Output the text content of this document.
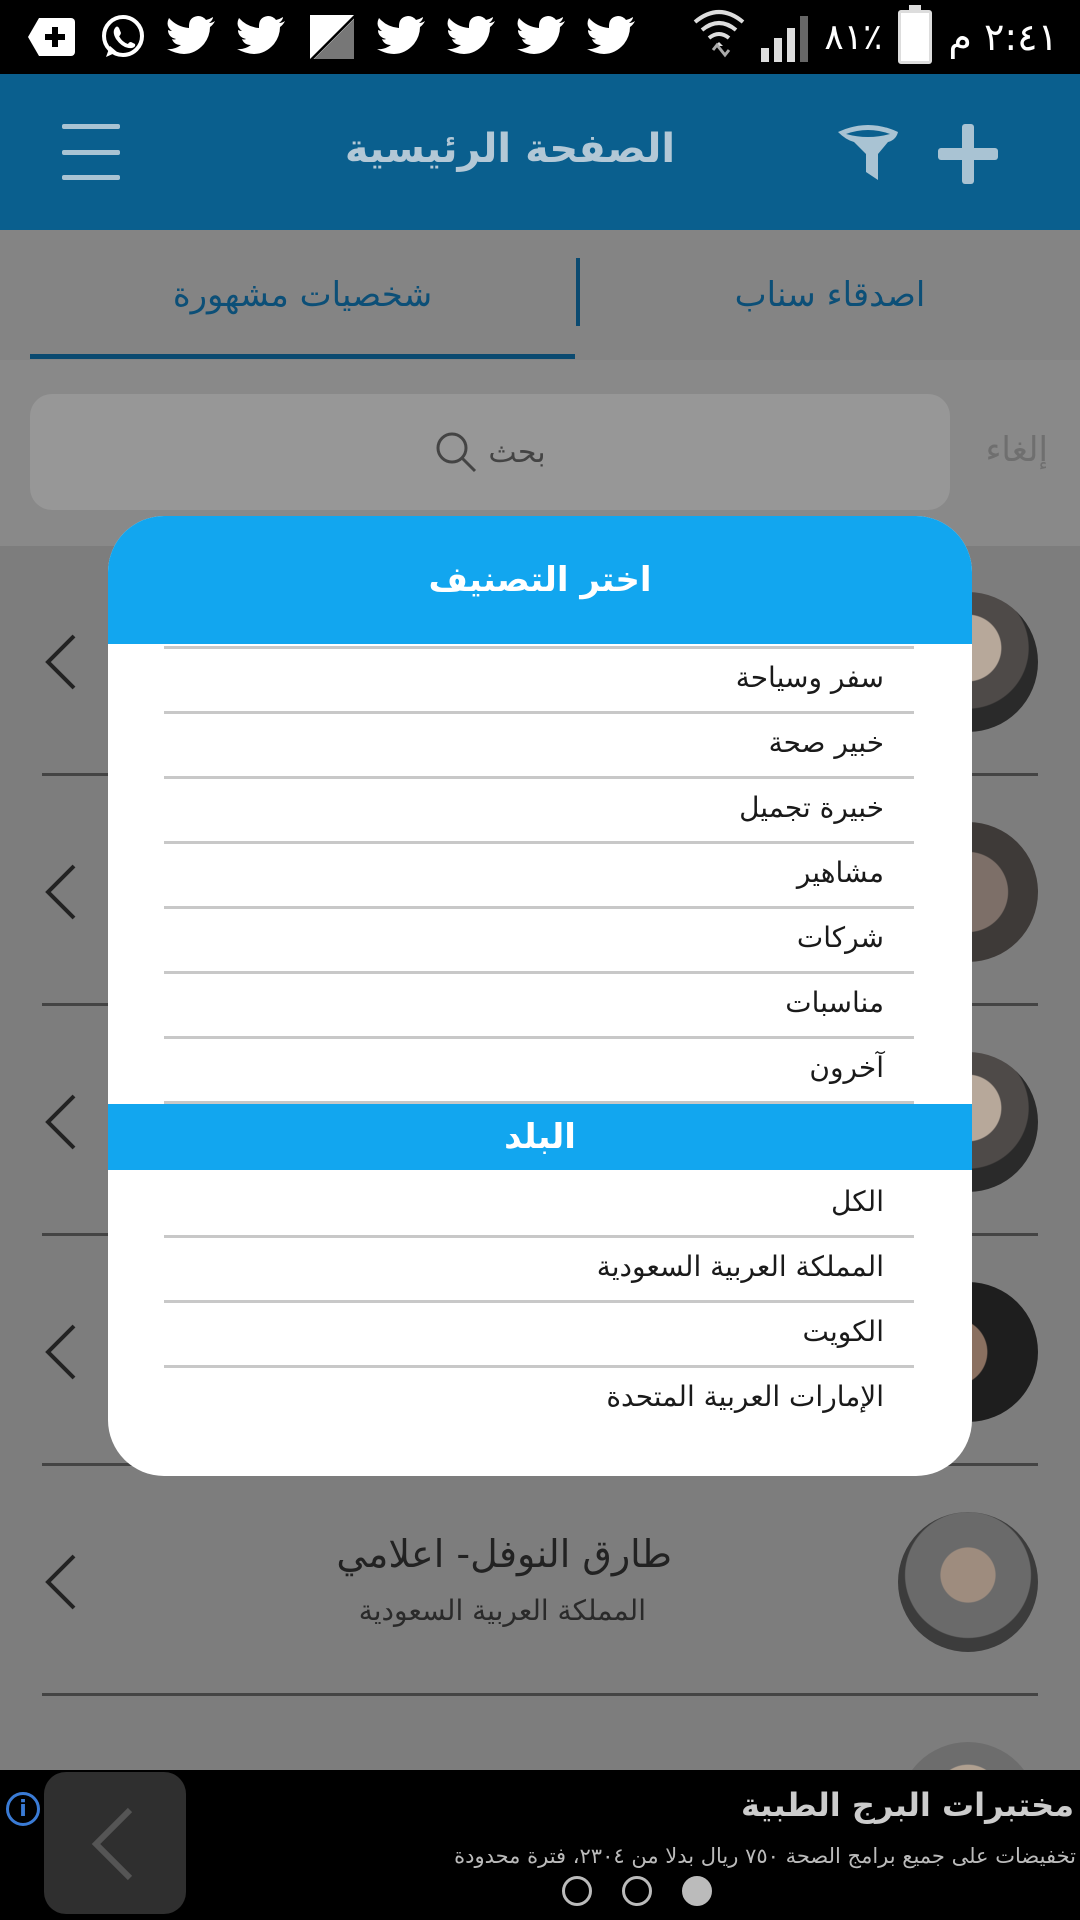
٨١٪ ٢:٤١ م
الصفحة الرئيسية
اصدقاء سناب
شخصيات مشهورة
بحث	إلغاء
طارق النوفل- اعلامي
المملكة العربية السعودية
i	مختبرات البرج الطبية
تخفيضات على جميع برامج الصحة ٧٥٠ ريال بدلا من ٢٣٠٤، فترة محدودة
اختر التصنيف
سفر وسياحة
خبير صحة
خبيرة تجميل
مشاهير
شركات
مناسبات
آخرون
البلد
الكل
المملكة العربية السعودية
الكويت
الإمارات العربية المتحدة
